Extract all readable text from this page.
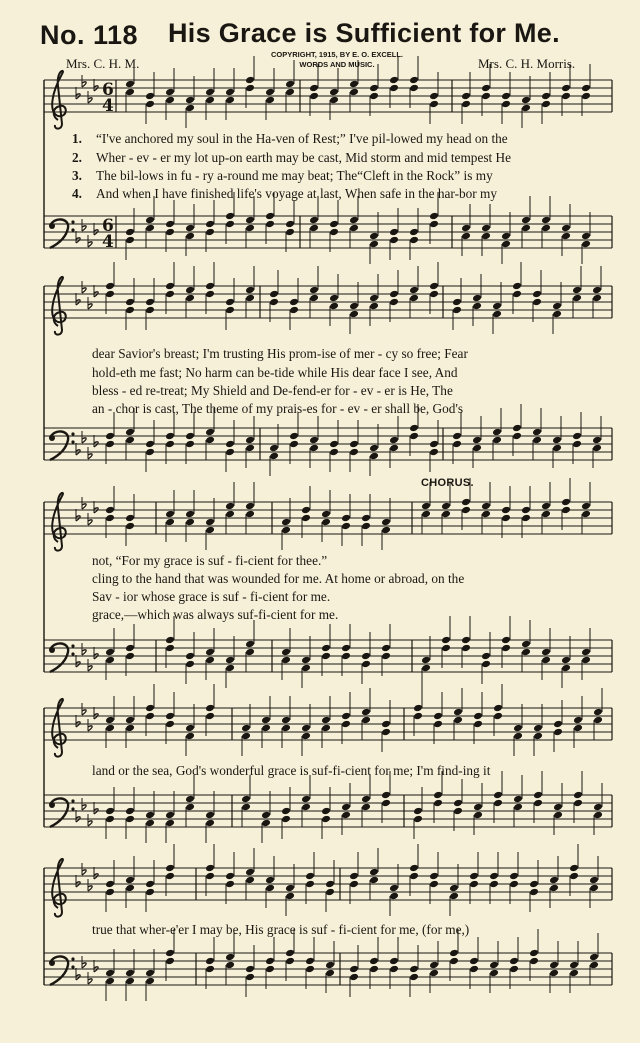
No. 118 His Grace is Sufficient for Me.
COPYRIGHT, 1915, BY E. O. EXCELL.
WORDS AND MUSIC.
Mrs. C. H. M.	Mrs. C. H. Morris.
6
4
6
4
1. “I've anchored my soul in the Ha-ven of Rest;” I've pil-lowed my head on the
2. Wher - ev - er my lot up-on earth may be cast, Mid storm and mid tempest He
3. The bil-lows in fu - ry a-round me may beat; The“Cleft in the Rock” is my
4. And when I have finished life's voyage at last, When safe in the har-bor my
dear Savior's breast; I'm trusting His prom-ise of mer - cy so free; Fear
hold-eth me fast; No harm can be-tide while His dear face I see, And
bless - ed re-treat; My Shield and De-fend-er for - ev - er is He, The
an - chor is cast, The theme of my prais-es for - ev - er shall be, God's
CHORUS.
not, “For my grace is suf - fi-cient for thee.”
cling to the hand that was wounded for me. At home or abroad, on the
Sav - ior whose grace is suf - fi-cient for me.
grace,—which was always suf-fi-cient for me.
land or the sea, God's wonderful grace is suf-fi-cient for me; I'm find-ing it
true that wher-e'er I may be, His grace is suf - fi-cient for me, (for me,)
